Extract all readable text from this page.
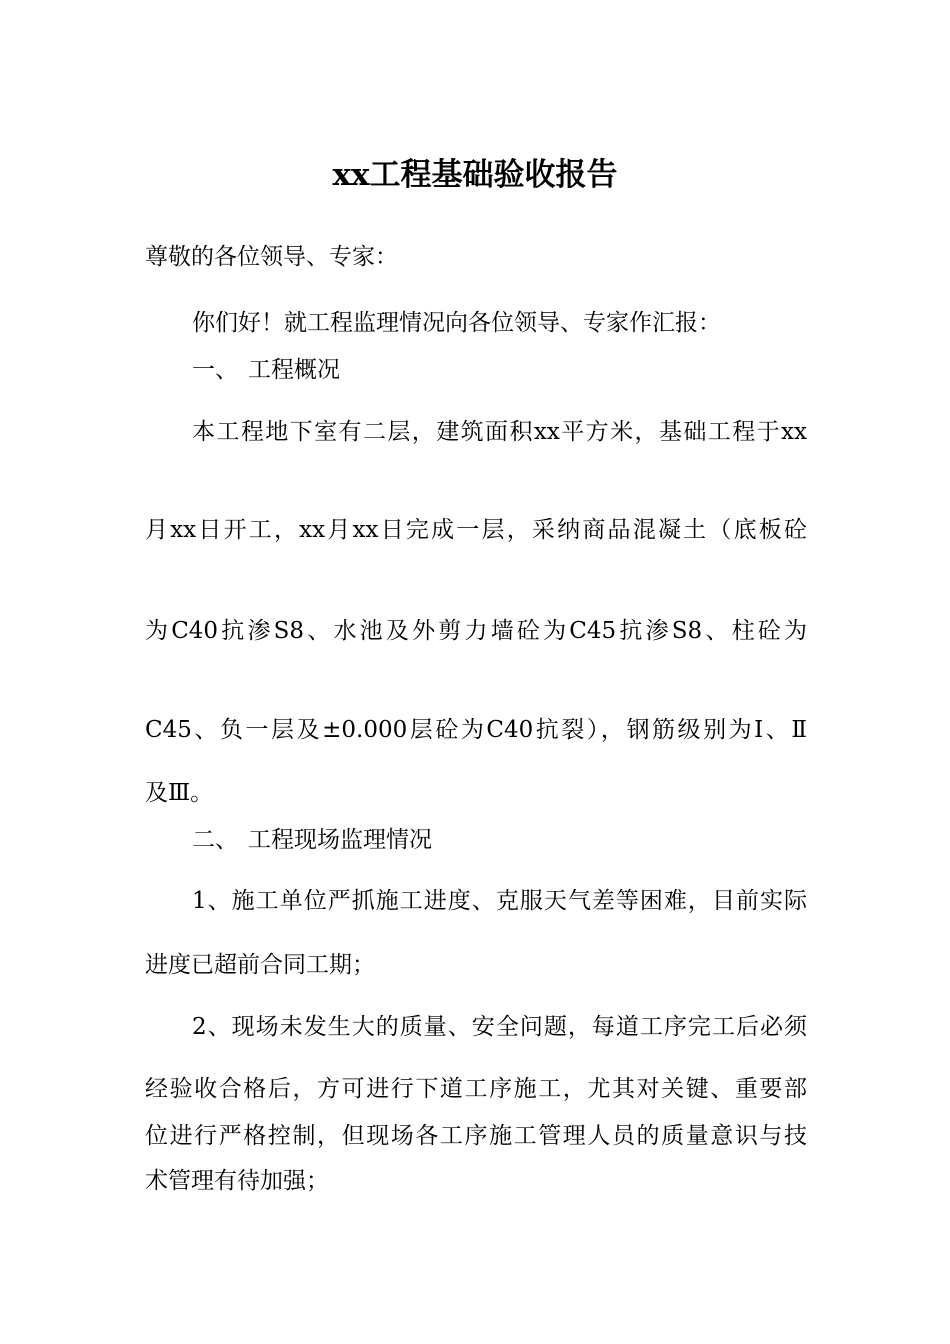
xx工程基础验收报告
尊敬的各位领导、专家：
你们好！就工程监理情况向各位领导、专家作汇报：
一、 工程概况
本工程地下室有二层，建筑面积xx平方米，基础工程于xx
月xx日开工，xx月xx日完成一层，采纳商品混凝土（底板砼
为C40抗渗S8、水池及外剪力墙砼为C45抗渗S8、柱砼为
C45、负一层及±0.000层砼为C40抗裂），钢筋级别为Ⅰ、Ⅱ
及Ⅲ。
二、 工程现场监理情况
1、施工单位严抓施工进度、克服天气差等困难，目前实际
进度已超前合同工期；
2、现场未发生大的质量、安全问题，每道工序完工后必须
经验收合格后，方可进行下道工序施工，尤其对关键、重要部
位进行严格控制，但现场各工序施工管理人员的质量意识与技
术管理有待加强；
